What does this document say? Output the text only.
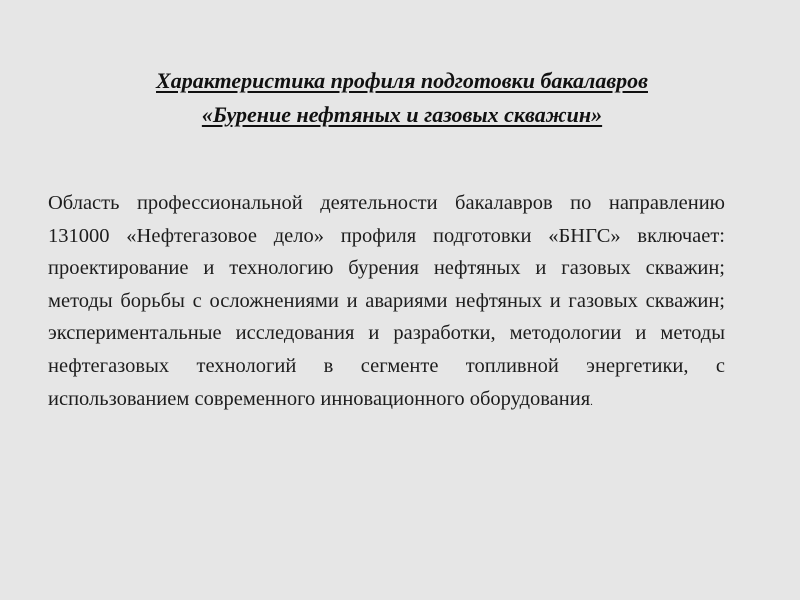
Характеристика профиля подготовки бакалавров
«Бурение нефтяных и газовых скважин»

Область профессиональной деятельности бакалавров по направлению 131000 «Нефтегазовое дело» профиля подготовки «БНГС» включает: проектирование и технологию бурения нефтяных и газовых скважин; методы борьбы с осложнениями и авариями нефтяных и газовых скважин; экспериментальные исследования и разработки, методологии и методы нефтегазовых технологий в сегменте топливной энергетики, с использованием современного инновационного оборудования.
